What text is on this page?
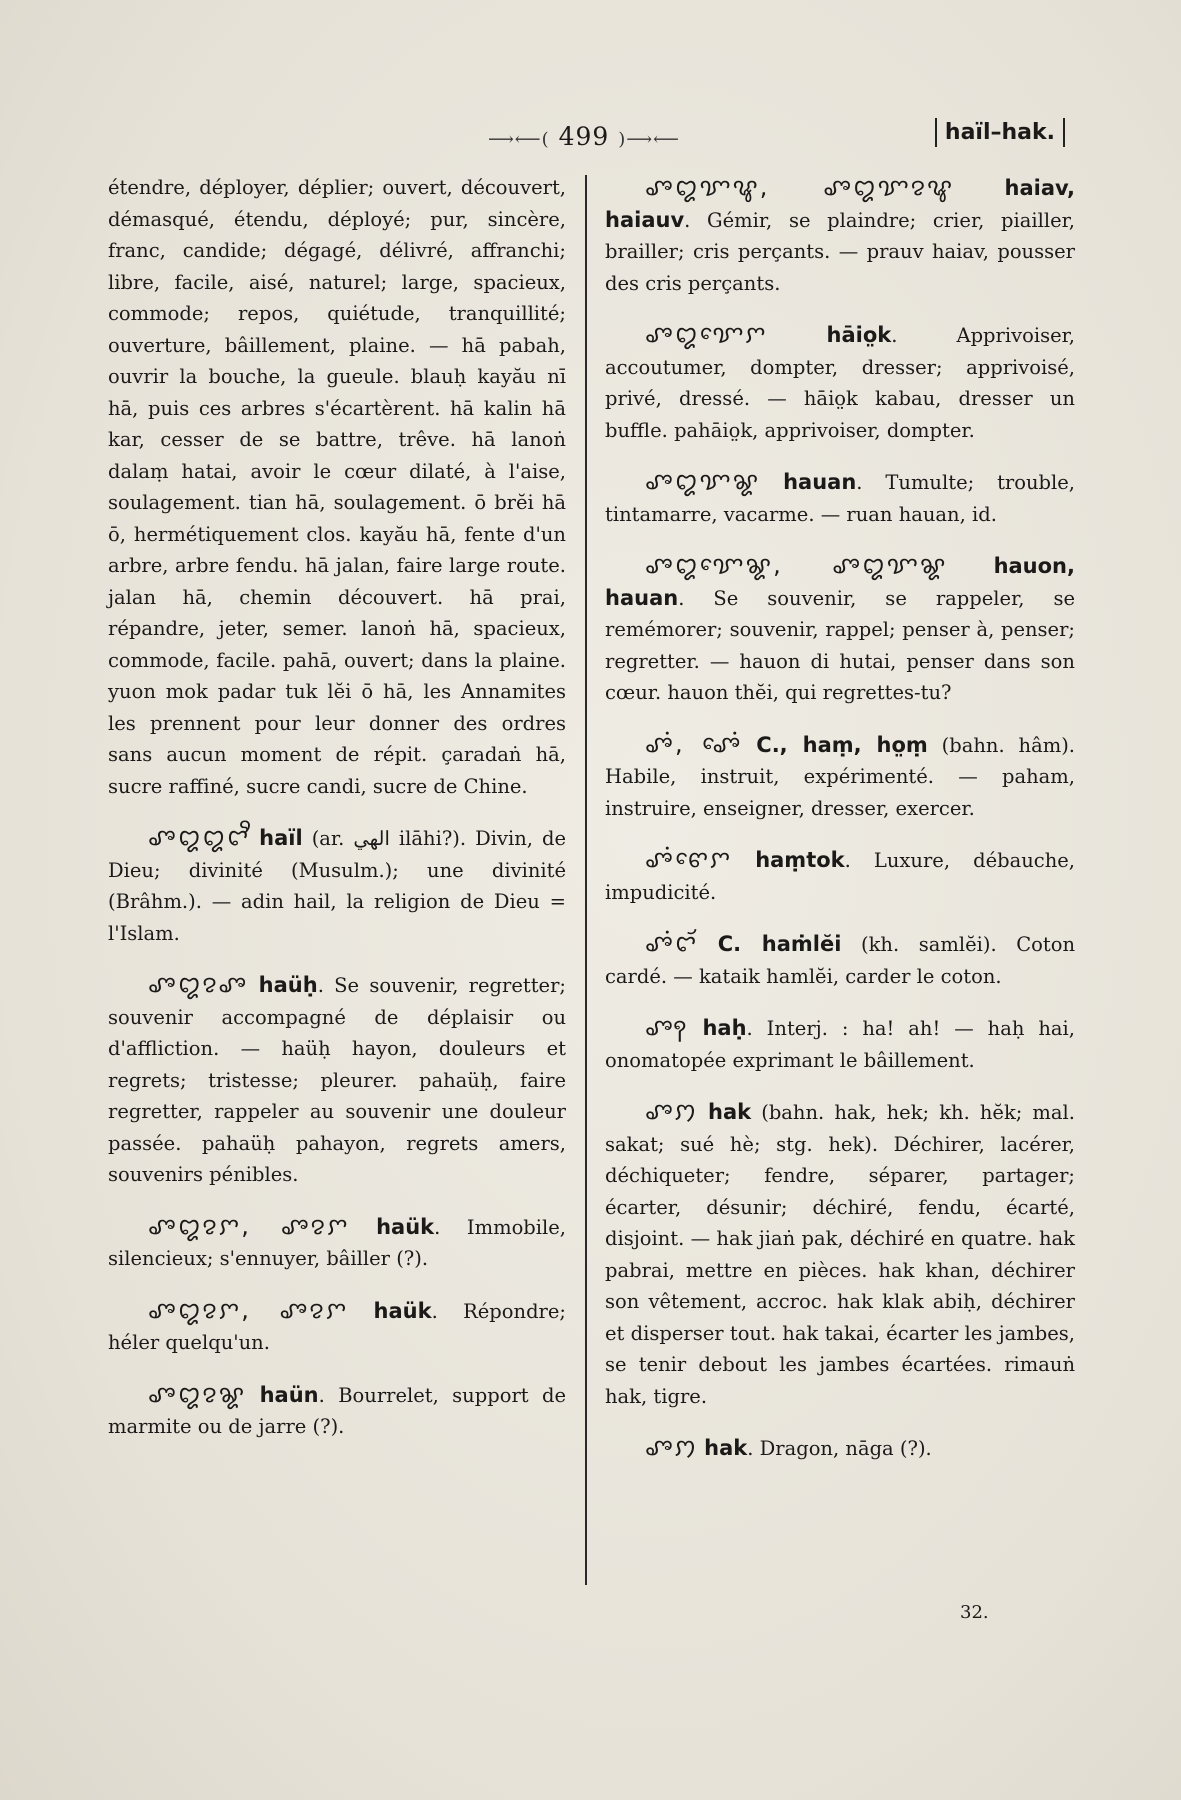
⟶⟵( 499 )⟶⟵	haïl–hak.

étendre, déployer, déplier; ouvert, découvert, démasqué, étendu, déployé; pur, sincère, franc, candide; dégagé, délivré, affranchi; libre, facile, aisé, naturel; large, spacieux, commode; repos, quiétude, tranquillité; ouverture, bâillement, plaine. — hā pabah, ouvrir la bouche, la gueule. blauḥ kayău nī hā, puis ces arbres s'écartèrent. hā kalin hā kar, cesser de se battre, trêve. hā lanoṅ dalaṃ hatai, avoir le cœur dilaté, à l'aise, soulagement. tian hā, soulagement. ō brĕi hā ō, hermétiquement clos. kayău hā, fente d'un arbre, arbre fendu. hā jalan, faire large route. jalan hā, chemin découvert. hā prai, répandre, jeter, semer. lanoṅ hā, spacieux, commode, facile. pahā, ouvert; dans la plaine. yuon mok padar tuk lĕi ō hā, les Annamites les prennent pour leur donner des ordres sans aucun moment de répit. çaradaṅ hā, sucre raffiné, sucre candi, sucre de Chine.

ꨨꨁꨁꨤꨪ haïl (ar. الهي ilāhi?). Divin, de Dieu; divinité (Musulm.); une divinité (Brâhm.). — adin hail, la religion de Dieu = l'Islam.

ꨨꨁꨂꨨ haüḥ. Se souvenir, regretter; souvenir accompagné de déplaisir ou d'affliction. — haüḥ hayon, douleurs et regrets; tristesse; pleurer. pahaüḥ, faire regretter, rappeler au souvenir une douleur passée. pahaüḥ pahayon, regrets amers, souvenirs pénibles.

ꨨꨁꨂꨆ, ꨨꨂꨆ haük. Immobile, silencieux; s'ennuyer, bâiller (?).

ꨨꨁꨂꨆ, ꨨꨂꨆ haük. Répondre; héler quelqu'un.

ꨨꨁꨂꨘ haün. Bourrelet, support de marmite ou de jarre (?).

ꨨꨁꨢꨥ, ꨨꨁꨢꨂꨥ haiav, haiauv. Gémir, se plaindre; crier, piailler, brailler; cris perçants. — prauv haiav, pousser des cris perçants.

ꨨꨁꨢꨯꨆ	hāio̤k. Apprivoiser, accoutumer, dompter, dresser; apprivoisé, privé, dressé. — hāio̤k kabau, dresser un buffle. pahāio̤k, apprivoiser, dompter.

ꨨꨁꨢꨘ hauan. Tumulte; trouble, tintamarre, vacarme. — ruan hauan, id.

ꨨꨁꨢꨯꨘ, ꨨꨁꨢꨘ hauon, hauan. Se souvenir, se rappeler, se remémorer; souvenir, rappel; penser à, penser; regretter. — hauon di hutai, penser dans son cœur. hauon thĕi, qui regrettes-tu?

ꨨꩌ, ꨨꨯꩌ C., haṃ, ho̤ṃ (bahn. hâm). Habile, instruit, expérimenté. — paham, instruire, enseigner, dresser, exercer.

ꨨꩌꨓꨯꨆ haṃtok. Luxure, débauche, impudicité.

ꨨꩌꨤꨮ C. haṁlĕi (kh. samlĕi). Coton cardé. — kataik hamlĕi, carder le coton.

ꨨꩍ haḥ. Interj. : ha! ah! — haḥ hai, onomatopée exprimant le bâillement.

ꨨꩀ hak (bahn. hak, hek; kh. hĕk; mal. sakat; sué hè; stg. hek). Déchirer, lacérer, déchiqueter; fendre, séparer, partager; écarter, désunir; déchiré, fendu, écarté, disjoint. — hak jiaṅ pak, déchiré en quatre. hak pabrai, mettre en pièces. hak khan, déchirer son vêtement, accroc. hak klak abiḥ, déchirer et disperser tout. hak takai, écarter les jambes, se tenir debout les jambes écartées. rimauṅ hak, tigre.

ꨨꩀ hak. Dragon, nāga (?).

32.
